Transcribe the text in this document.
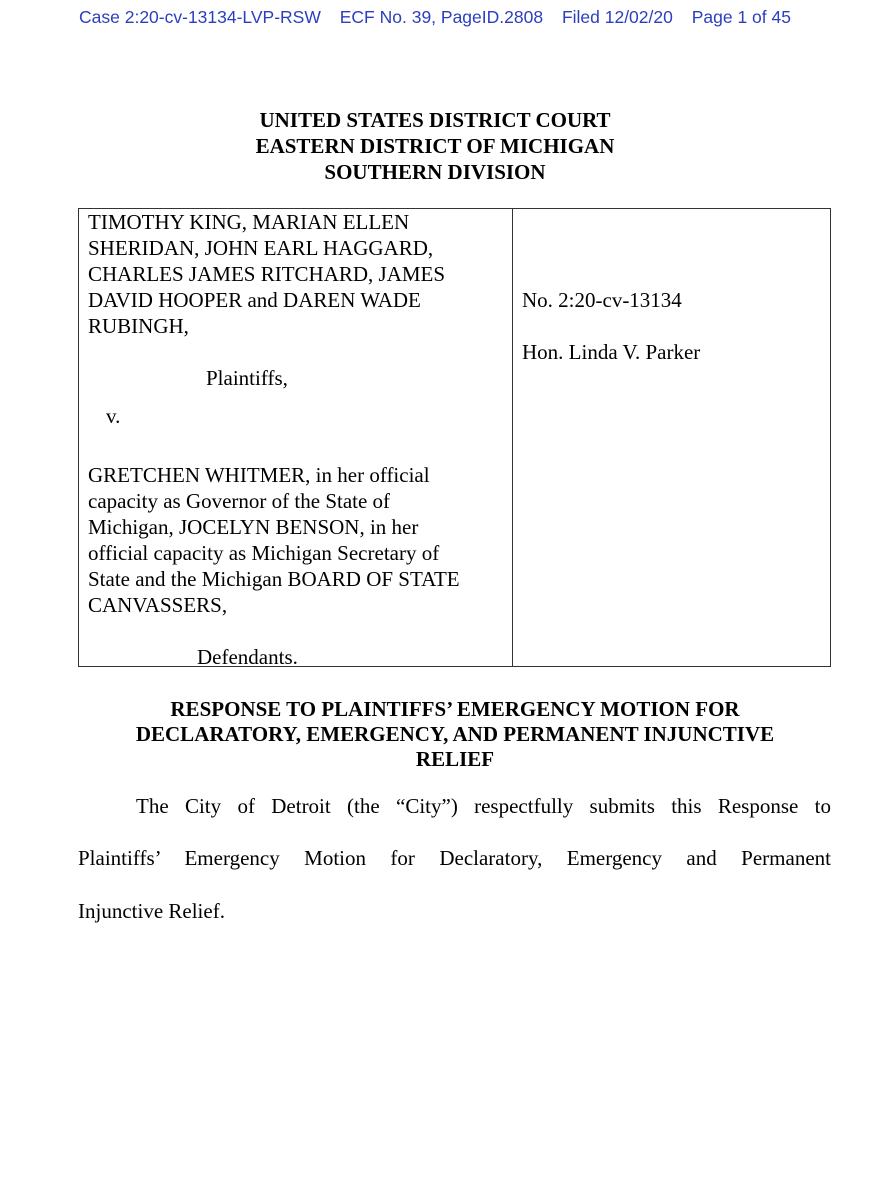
Case 2:20-cv-13134-LVP-RSW ECF No. 39, PageID.2808 Filed 12/02/20 Page 1 of 45
UNITED STATES DISTRICT COURT
EASTERN DISTRICT OF MICHIGAN
SOUTHERN DIVISION
TIMOTHY KING, MARIAN ELLEN
SHERIDAN, JOHN EARL HAGGARD,
CHARLES JAMES RITCHARD, JAMES
DAVID HOOPER and DAREN WADE
RUBINGH,
Plaintiffs,
v.
GRETCHEN WHITMER, in her official
capacity as Governor of the State of
Michigan, JOCELYN BENSON, in her
official capacity as Michigan Secretary of
State and the Michigan BOARD OF STATE
CANVASSERS,
Defendants.
No. 2:20-cv-13134
Hon. Linda V. Parker
RESPONSE TO PLAINTIFFS’ EMERGENCY MOTION FOR
DECLARATORY, EMERGENCY, AND PERMANENT INJUNCTIVE
RELIEF
The City of Detroit (the “City”) respectfully submits this Response to
Plaintiffs’ Emergency Motion for Declaratory, Emergency and Permanent
Injunctive Relief.
